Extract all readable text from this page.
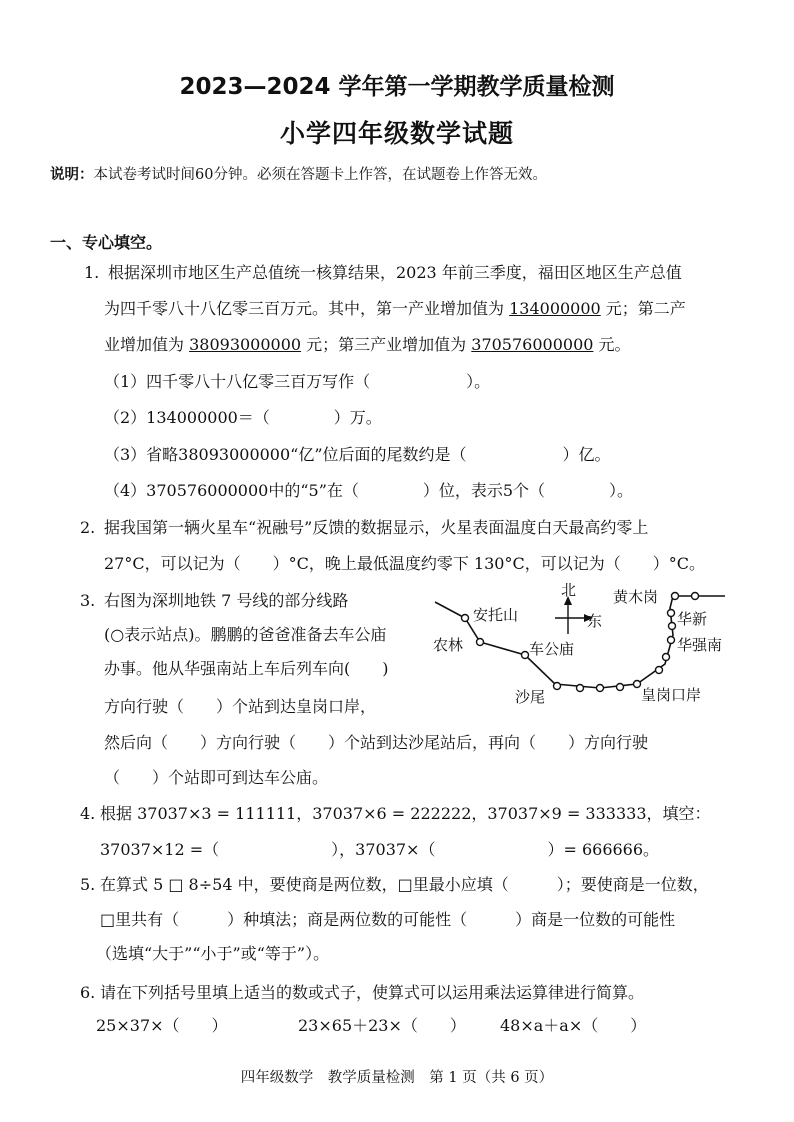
2023—2024 学年第一学期教学质量检测
小学四年级数学试题
说明：本试卷考试时间60分钟。必须在答题卡上作答，在试题卷上作答无效。
一、专心填空。
1. 根据深圳市地区生产总值统一核算结果，2023 年前三季度，福田区地区生产总值
为四千零八十八亿零三百万元。其中，第一产业增加值为 134000000 元；第二产
业增加值为 38093000000 元；第三产业增加值为 370576000000 元。
（1）四千零八十八亿零三百万写作（　　　　　　）。
（2）134000000＝（　　　　）万。
（3）省略38093000000“亿”位后面的尾数约是（　　　　　　）亿。
（4）370576000000中的“5”在（　　　　）位，表示5个（　　　　）。
2. 据我国第一辆火星车“祝融号”反馈的数据显示，火星表面温度白天最高约零上
27°C，可以记为（　　）°C，晚上最低温度约零下 130°C，可以记为（　　）°C。
3. 右图为深圳地铁 7 号线的部分线路
(○表示站点)。鹏鹏的爸爸准备去车公庙
办事。他从华强南站上车后列车向(　　)
方向行驶（　　）个站到达皇岗口岸，
然后向（　　）方向行驶（　　）个站到达沙尾站后，再向（　　）方向行驶
（　　）个站即可到达车公庙。
北
东
安托山
农林	车公庙
沙尾	皇岗口岸
黄木岗
华新
华强南
4. 根据 37037×3 = 111111，37037×6 = 222222，37037×9 = 333333，填空：
37037×12 =（　　　　　　　），37037×（　　　　　　　）= 666666。
5. 在算式 5 □ 8÷54 中，要使商是两位数，□里最小应填（　　　）；要使商是一位数，
□里共有（　　　）种填法；商是两位数的可能性（　　　）商是一位数的可能性
（选填“大于”“小于”或“等于”）。
6. 请在下列括号里填上适当的数或式子，使算式可以运用乘法运算律进行简算。
25×37×（　　）	23×65＋23×（　　） 48×a＋a×（　　）
四年级数学　教学质量检测　第 1 页（共 6 页）
